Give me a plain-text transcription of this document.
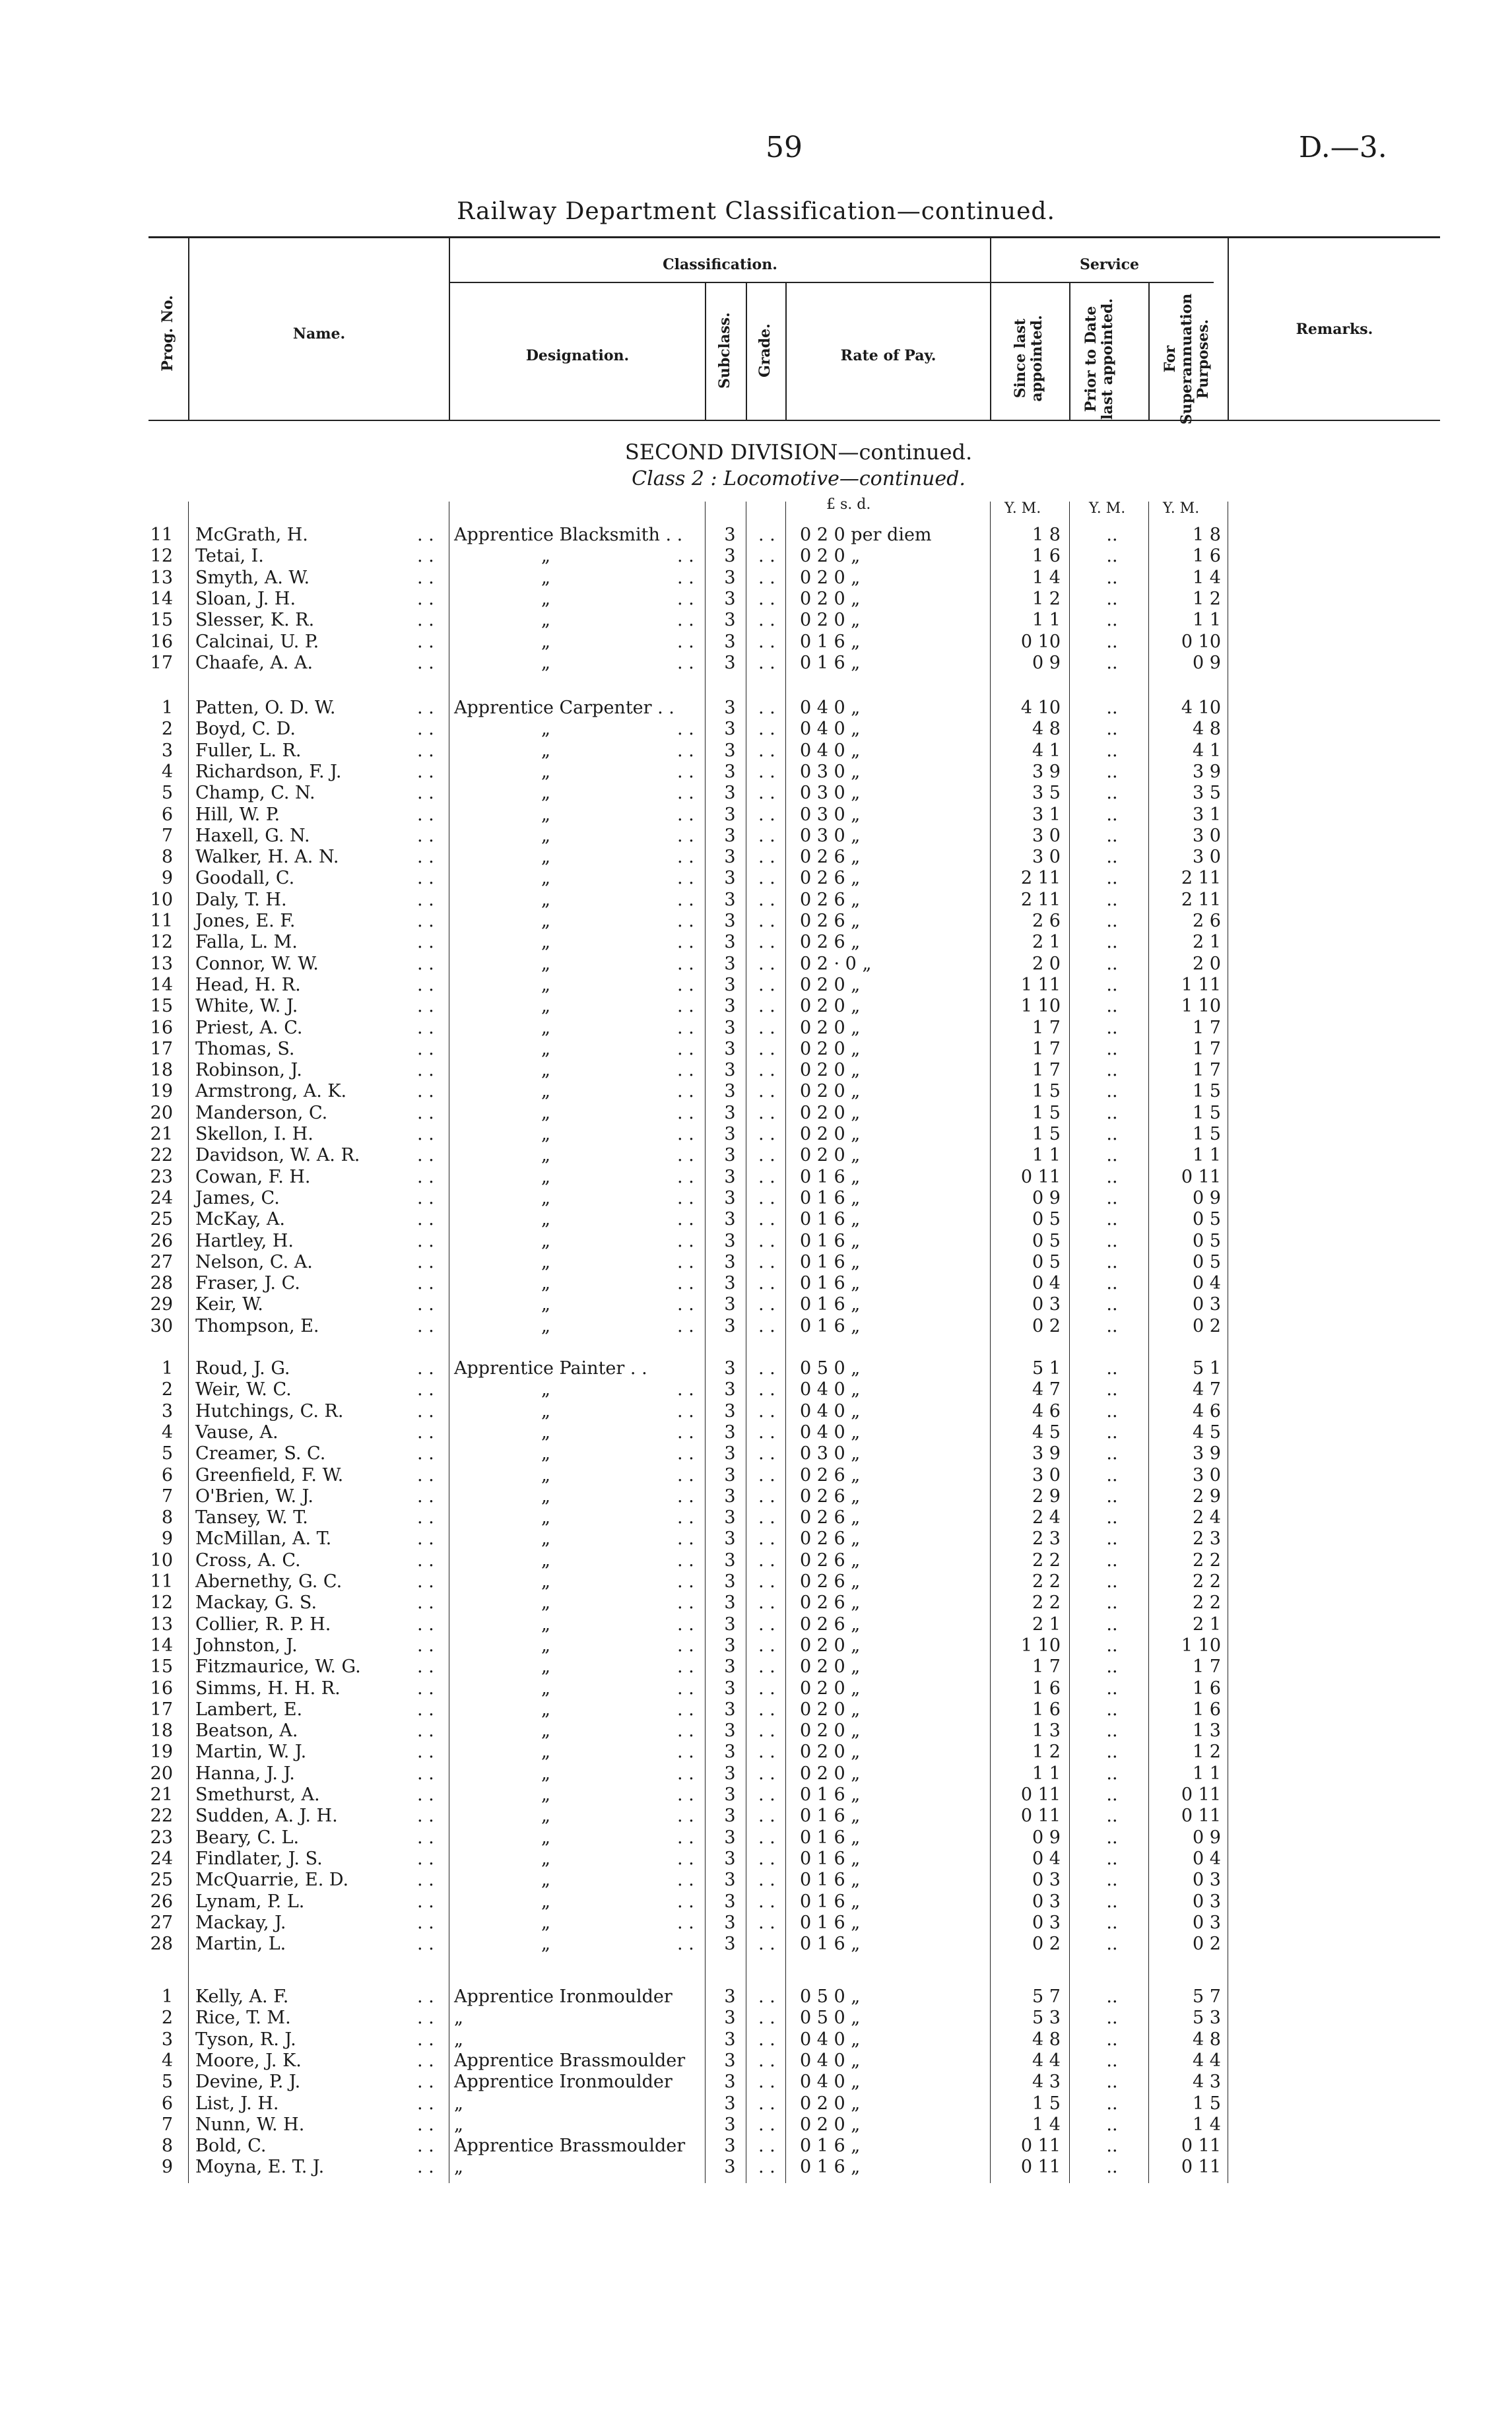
59	D.—3.
Railway Department Classification—continued.
Prog. No.	Name.
Classification.
Designation.	Subclass. Grade.	Rate of Pay.
Service
Since last appointed.	Prior to Date last appointed.	For Superannuation Purposes.	Remarks.
SECOND DIVISION—continued.
Class 2 : Locomotive—continued.
£ s. d.	Y. M.	Y. M.	Y. M.
11 McGrath, H.	. . Apprentice Blacksmith . . 3 . . 0 2 0 per diem	1 8	..	1 8
12 Tetai, I.	. .	„	. . 3 . . 0 2 0 „	1 6	..	1 6
13 Smyth, A. W.	. .	„	. . 3 . . 0 2 0 „	1 4	..	1 4
14 Sloan, J. H.	. .	„	. . 3 . . 0 2 0 „	1 2	..	1 2
15 Slesser, K. R.	. .	„	. . 3 . . 0 2 0 „	1 1	..	1 1
16 Calcinai, U. P.	. .	„	. . 3 . . 0 1 6 „	0 10	..	0 10
17 Chaafe, A. A.	. .	„	. . 3 . . 0 1 6 „	0 9	..	0 9
1 Patten, O. D. W.	. . Apprentice Carpenter . .	3 . . 0 4 0 „	4 10	..	4 10
2 Boyd, C. D.	. .	„	. . 3 . . 0 4 0 „	4 8	..	4 8
3 Fuller, L. R.	. .	„	. . 3 . . 0 4 0 „	4 1	..	4 1
4 Richardson, F. J.	. .	„	. . 3 . . 0 3 0 „	3 9	..	3 9
5 Champ, C. N.	. .	„	. . 3 . . 0 3 0 „	3 5	..	3 5
6 Hill, W. P.	. .	„	. . 3 . . 0 3 0 „	3 1	..	3 1
7 Haxell, G. N.	. .	„	. . 3 . . 0 3 0 „	3 0	..	3 0
8 Walker, H. A. N.	. .	„	. . 3 . . 0 2 6 „	3 0	..	3 0
9 Goodall, C.	. .	„	. . 3 . . 0 2 6 „	2 11	..	2 11
10 Daly, T. H.	. .	„	. . 3 . . 0 2 6 „	2 11	..	2 11
11 Jones, E. F.	. .	„	. . 3 . . 0 2 6 „	2 6	..	2 6
12 Falla, L. M.	. .	„	. . 3 . . 0 2 6 „	2 1	..	2 1
13 Connor, W. W.	. .	„	. . 3 . . 0 2 · 0 „	2 0	..	2 0
14 Head, H. R.	. .	„	. . 3 . . 0 2 0 „	1 11	..	1 11
15 White, W. J.	. .	„	. . 3 . . 0 2 0 „	1 10	..	1 10
16 Priest, A. C.	. .	„	. . 3 . . 0 2 0 „	1 7	..	1 7
17 Thomas, S.	. .	„	. . 3 . . 0 2 0 „	1 7	..	1 7
18 Robinson, J.	. .	„	. . 3 . . 0 2 0 „	1 7	..	1 7
19 Armstrong, A. K.	. .	„	. . 3 . . 0 2 0 „	1 5	..	1 5
20 Manderson, C.	. .	„	. . 3 . . 0 2 0 „	1 5	..	1 5
21 Skellon, I. H.	. .	„	. . 3 . . 0 2 0 „	1 5	..	1 5
22 Davidson, W. A. R.	. .	„	. . 3 . . 0 2 0 „	1 1	..	1 1
23 Cowan, F. H.	. .	„	. . 3 . . 0 1 6 „	0 11	..	0 11
24 James, C.	. .	„	. . 3 . . 0 1 6 „	0 9	..	0 9
25 McKay, A.	. .	„	. . 3 . . 0 1 6 „	0 5	..	0 5
26 Hartley, H.	. .	„	. . 3 . . 0 1 6 „	0 5	..	0 5
27 Nelson, C. A.	. .	„	. . 3 . . 0 1 6 „	0 5	..	0 5
28 Fraser, J. C.	. .	„	. . 3 . . 0 1 6 „	0 4	..	0 4
29 Keir, W.	. .	„	. . 3 . . 0 1 6 „	0 3	..	0 3
30 Thompson, E.	. .	„	. . 3 . . 0 1 6 „	0 2	..	0 2
1 Roud, J. G.	. . Apprentice Painter . .	3 . . 0 5 0 „	5 1	..	5 1
2 Weir, W. C.	. .	„	. . 3 . . 0 4 0 „	4 7	..	4 7
3 Hutchings, C. R.	. .	„	. . 3 . . 0 4 0 „	4 6	..	4 6
4 Vause, A.	. .	„	. . 3 . . 0 4 0 „	4 5	..	4 5
5 Creamer, S. C.	. .	„	. . 3 . . 0 3 0 „	3 9	..	3 9
6 Greenfield, F. W.	. .	„	. . 3 . . 0 2 6 „	3 0	..	3 0
7 O'Brien, W. J.	. .	„	. . 3 . . 0 2 6 „	2 9	..	2 9
8 Tansey, W. T.	. .	„	. . 3 . . 0 2 6 „	2 4	..	2 4
9 McMillan, A. T.	. .	„	. . 3 . . 0 2 6 „	2 3	..	2 3
10 Cross, A. C.	. .	„	. . 3 . . 0 2 6 „	2 2	..	2 2
11 Abernethy, G. C.	. .	„	. . 3 . . 0 2 6 „	2 2	..	2 2
12 Mackay, G. S.	. .	„	. . 3 . . 0 2 6 „	2 2	..	2 2
13 Collier, R. P. H.	. .	„	. . 3 . . 0 2 6 „	2 1	..	2 1
14 Johnston, J.	. .	„	. . 3 . . 0 2 0 „	1 10	..	1 10
15 Fitzmaurice, W. G.	. .	„	. . 3 . . 0 2 0 „	1 7	..	1 7
16 Simms, H. H. R.	. .	„	. . 3 . . 0 2 0 „	1 6	..	1 6
17 Lambert, E.	. .	„	. . 3 . . 0 2 0 „	1 6	..	1 6
18 Beatson, A.	. .	„	. . 3 . . 0 2 0 „	1 3	..	1 3
19 Martin, W. J.	. .	„	. . 3 . . 0 2 0 „	1 2	..	1 2
20 Hanna, J. J.	. .	„	. . 3 . . 0 2 0 „	1 1	..	1 1
21 Smethurst, A.	. .	„	. . 3 . . 0 1 6 „	0 11	..	0 11
22 Sudden, A. J. H.	. .	„	. . 3 . . 0 1 6 „	0 11	..	0 11
23 Beary, C. L.	. .	„	. . 3 . . 0 1 6 „	0 9	..	0 9
24 Findlater, J. S.	. .	„	. . 3 . . 0 1 6 „	0 4	..	0 4
25 McQuarrie, E. D.	. .	„	. . 3 . . 0 1 6 „	0 3	..	0 3
26 Lynam, P. L.	. .	„	. . 3 . . 0 1 6 „	0 3	..	0 3
27 Mackay, J.	. .	„	. . 3 . . 0 1 6 „	0 3	..	0 3
28 Martin, L.	. .	„	. . 3 . . 0 1 6 „	0 2	..	0 2
1 Kelly, A. F.	. . Apprentice Ironmoulder	3 . . 0 5 0 „	5 7	..	5 7
2 Rice, T. M.	. . „	3 . . 0 5 0 „	5 3	..	5 3
3 Tyson, R. J.	. . „	3 . . 0 4 0 „	4 8	..	4 8
4 Moore, J. K.	. . Apprentice Brassmoulder 3 . . 0 4 0 „	4 4	..	4 4
5 Devine, P. J.	. . Apprentice Ironmoulder	3 . . 0 4 0 „	4 3	..	4 3
6 List, J. H.	. . „	3 . . 0 2 0 „	1 5	..	1 5
7 Nunn, W. H.	. . „	3 . . 0 2 0 „	1 4	..	1 4
8 Bold, C.	. . Apprentice Brassmoulder 3 . . 0 1 6 „	0 11	..	0 11
9 Moyna, E. T. J.	. . „	3 . . 0 1 6 „	0 11	..	0 11
